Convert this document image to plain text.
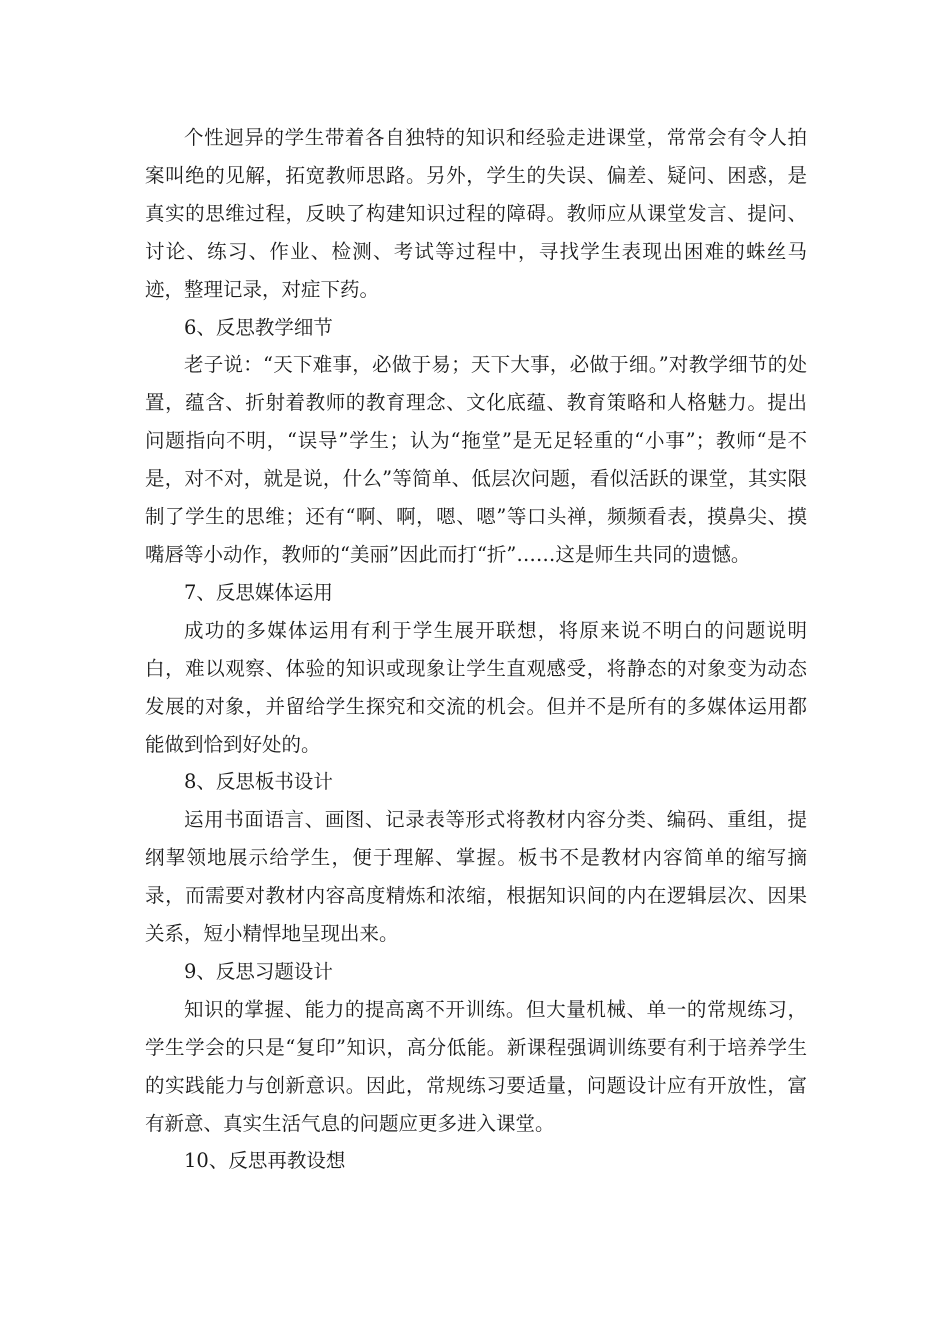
个性迥异的学生带着各自独特的知识和经验走进课堂，常常会有令人拍案叫绝的见解，拓宽教师思路。另外，学生的失误、偏差、疑问、困惑，是真实的思维过程，反映了构建知识过程的障碍。教师应从课堂发言、提问、讨论、练习、作业、检测、考试等过程中，寻找学生表现出困难的蛛丝马迹，整理记录，对症下药。

6、反思教学细节

老子说：“天下难事，必做于易；天下大事，必做于细。”对教学细节的处置，蕴含、折射着教师的教育理念、文化底蕴、教育策略和人格魅力。提出问题指向不明，“误导”学生；认为“拖堂”是无足轻重的“小事”；教师“是不是，对不对，就是说，什么”等简单、低层次问题，看似活跃的课堂，其实限制了学生的思维；还有“啊、啊，嗯、嗯”等口头禅，频频看表，摸鼻尖、摸嘴唇等小动作，教师的“美丽”因此而打“折”……这是师生共同的遗憾。

7、反思媒体运用

成功的多媒体运用有利于学生展开联想，将原来说不明白的问题说明白，难以观察、体验的知识或现象让学生直观感受，将静态的对象变为动态发展的对象，并留给学生探究和交流的机会。但并不是所有的多媒体运用都能做到恰到好处的。

8、反思板书设计

运用书面语言、画图、记录表等形式将教材内容分类、编码、重组，提纲挈领地展示给学生，便于理解、掌握。板书不是教材内容简单的缩写摘录，而需要对教材内容高度精炼和浓缩，根据知识间的内在逻辑层次、因果关系，短小精悍地呈现出来。

9、反思习题设计

知识的掌握、能力的提高离不开训练。但大量机械、单一的常规练习，学生学会的只是“复印”知识，高分低能。新课程强调训练要有利于培养学生的实践能力与创新意识。因此，常规练习要适量，问题设计应有开放性，富有新意、真实生活气息的问题应更多进入课堂。

10、反思再教设想
